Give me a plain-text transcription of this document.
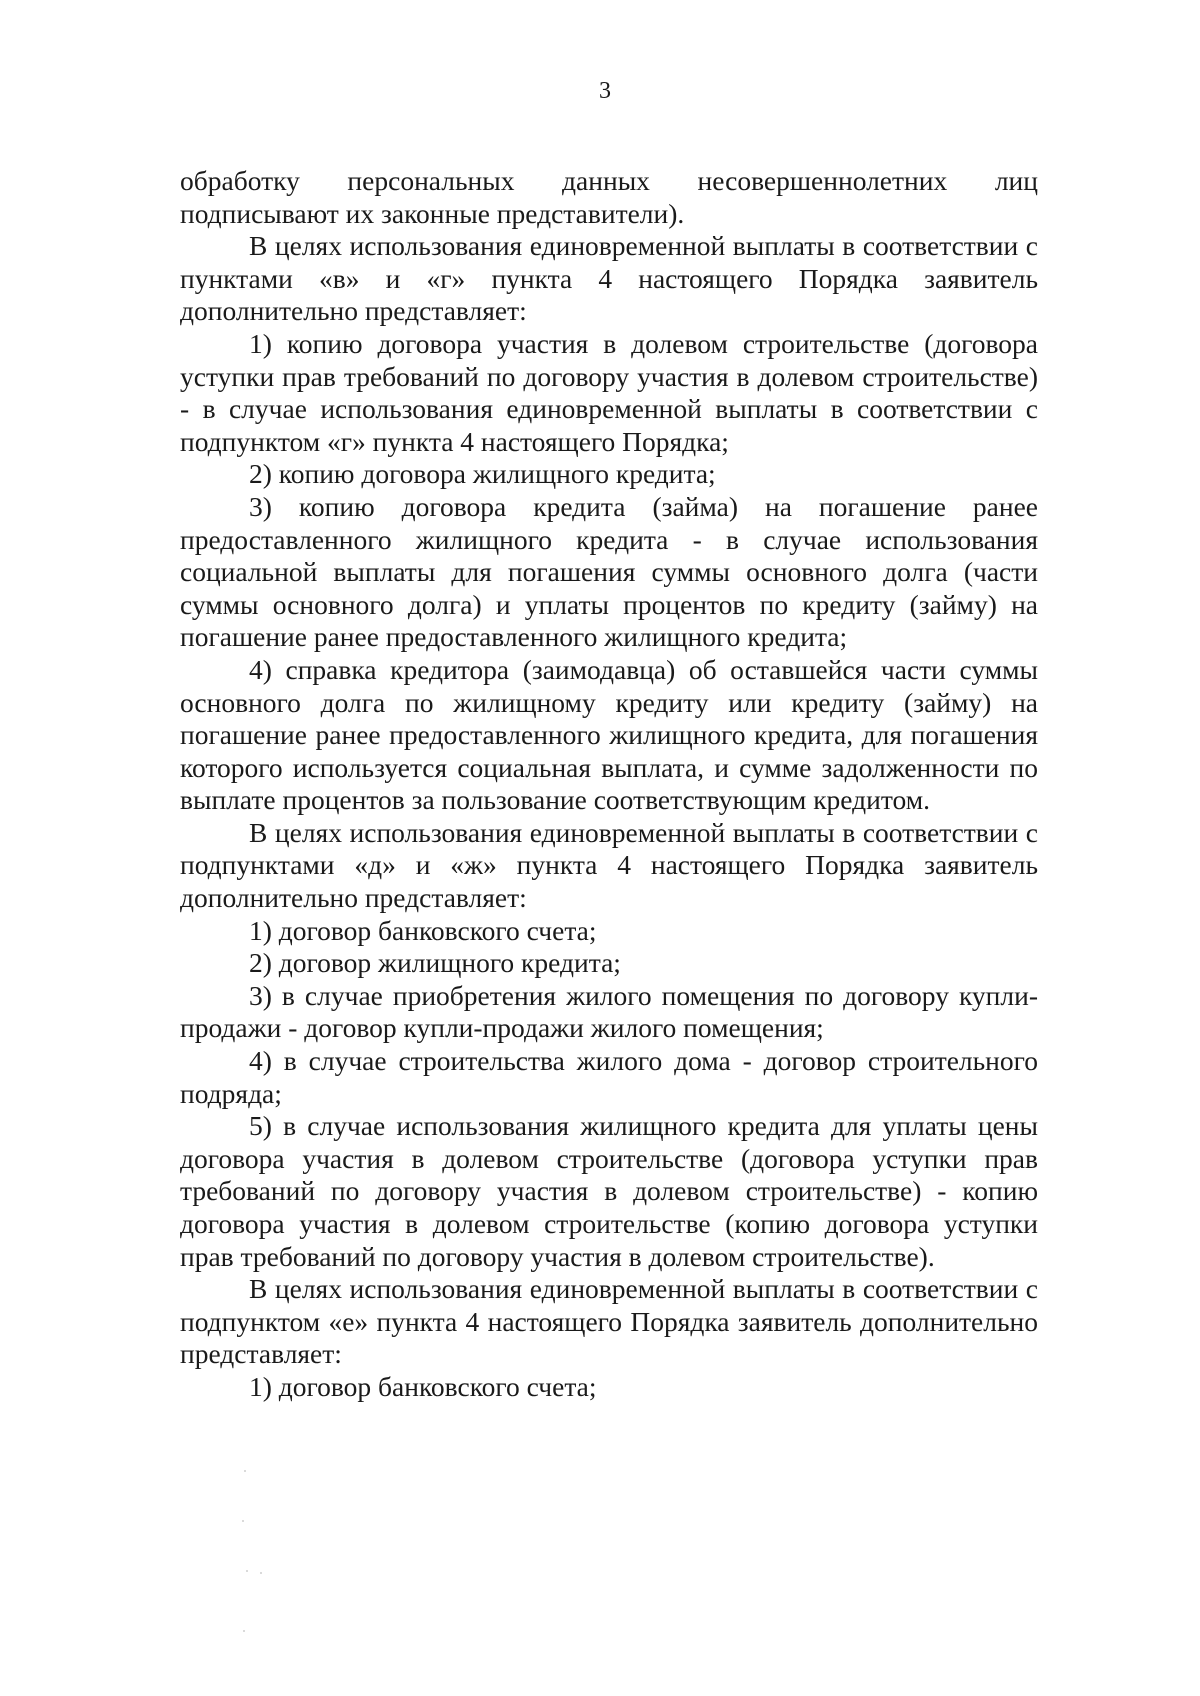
3

обработку персональных данных несовершеннолетних лиц подписывают их законные представители).

В целях использования единовременной выплаты в соответствии с пунктами «в» и «г» пункта 4 настоящего Порядка заявитель дополнительно представляет:

1) копию договора участия в долевом строительстве (договора уступки прав требований по договору участия в долевом строительстве) - в случае использования единовременной выплаты в соответствии с подпунктом «г» пункта 4 настоящего Порядка;

2) копию договора жилищного кредита;

3) копию договора кредита (займа) на погашение ранее предоставленного жилищного кредита - в случае использования социальной выплаты для погашения суммы основного долга (части суммы основного долга) и уплаты процентов по кредиту (займу) на погашение ранее предоставленного жилищного кредита;

4) справка кредитора (заимодавца) об оставшейся части суммы основного долга по жилищному кредиту или кредиту (займу) на погашение ранее предоставленного жилищного кредита, для погашения которого используется социальная выплата, и сумме задолженности по выплате процентов за пользование соответствующим кредитом.

В целях использования единовременной выплаты в соответствии с подпунктами «д» и «ж» пункта 4 настоящего Порядка заявитель дополнительно представляет:

1) договор банковского счета;

2) договор жилищного кредита;

3) в случае приобретения жилого помещения по договору купли-продажи - договор купли-продажи жилого помещения;

4) в случае строительства жилого дома - договор строительного подряда;

5) в случае использования жилищного кредита для уплаты цены договора участия в долевом строительстве (договора уступки прав требований по договору участия в долевом строительстве) - копию договора участия в долевом строительстве (копию договора уступки прав требований по договору участия в долевом строительстве).

В целях использования единовременной выплаты в соответствии с подпунктом «е» пункта 4 настоящего Порядка заявитель дополнительно представляет:

1) договор банковского счета;
